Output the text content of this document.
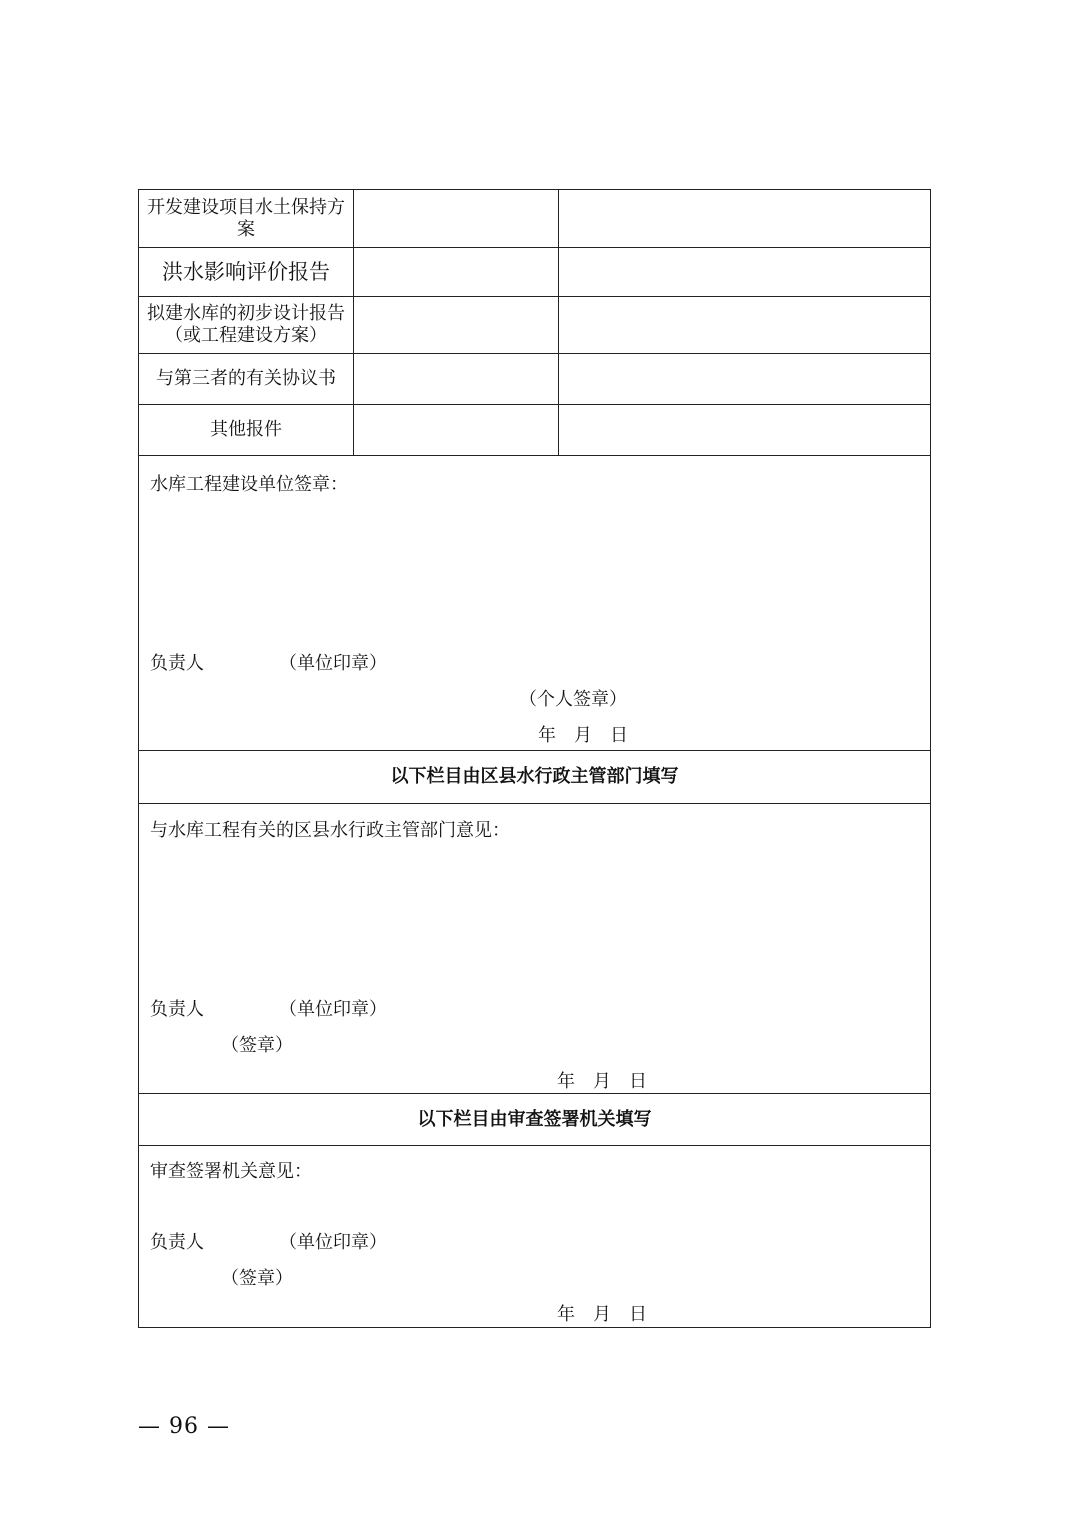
开发建设项目水土保持方案		
洪水影响评价报告		
拟建水库的初步设计报告（或工程建设方案）		
与第三者的有关协议书		
其他报件		

水库工程建设单位签章：
负责人 （单位印章）
（个人签章）
年　月　日		

以下栏目由区县水行政主管部门填写		

与水库工程有关的区县水行政主管部门意见：
负责人 （单位印章）
（签章）
年　月　日		

以下栏目由审查签署机关填写		

审查签署机关意见：
负责人 （单位印章）
（签章）
年　月　日		
— 96 —
